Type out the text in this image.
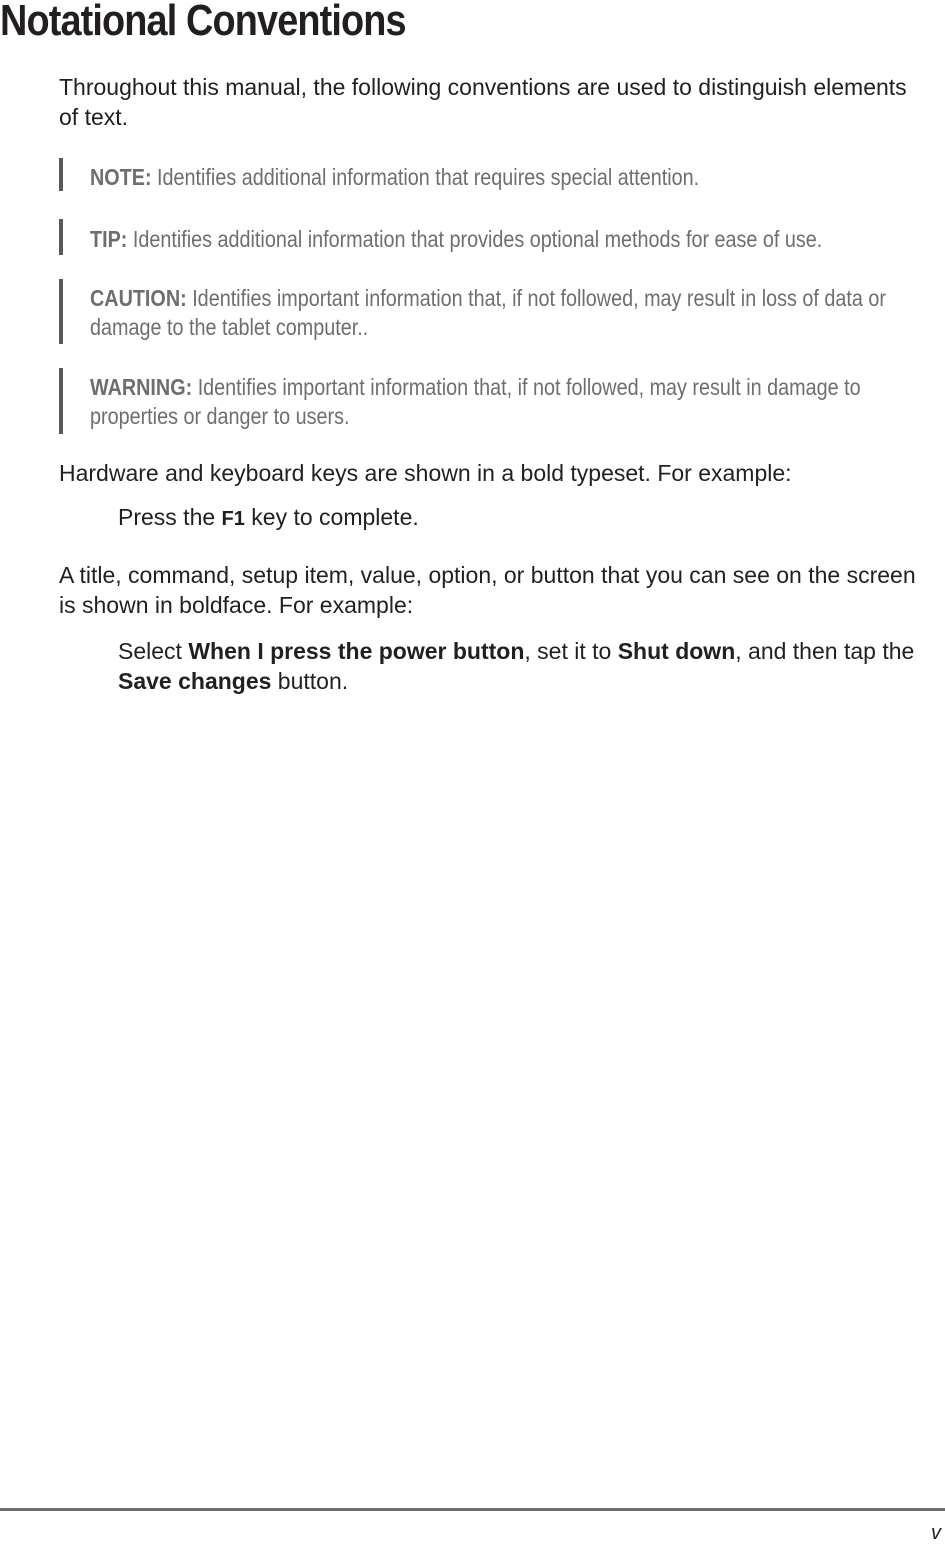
Notational Conventions

Throughout this manual, the following conventions are used to distinguish elements of text.

NOTE: Identifies additional information that requires special attention.

TIP: Identifies additional information that provides optional methods for ease of use.

CAUTION: Identifies important information that, if not followed, may result in loss of data or damage to the tablet computer..

WARNING: Identifies important information that, if not followed, may result in damage to properties or danger to users.

Hardware and keyboard keys are shown in a bold typeset. For example:

Press the F1 key to complete.

A title, command, setup item, value, option, or button that you can see on the screen is shown in boldface. For example:

Select When I press the power button, set it to Shut down, and then tap the Save changes button.

v
